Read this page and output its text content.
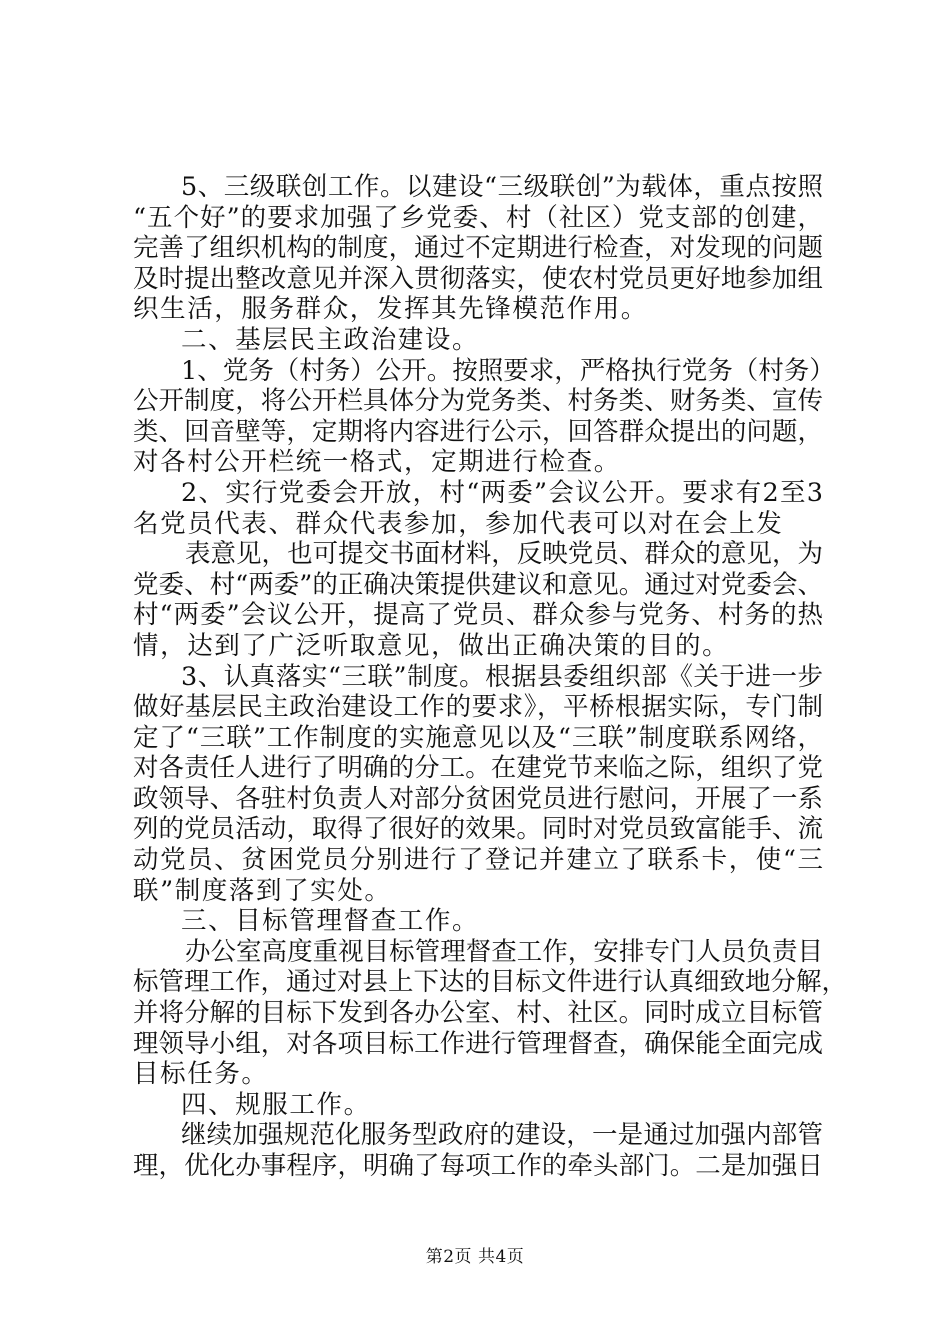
5、三级联创工作。以建设“三级联创”为载体，重点按照
“五个好”的要求加强了乡党委、村（社区）党支部的创建，
完善了组织机构的制度，通过不定期进行检查，对发现的问题
及时提出整改意见并深入贯彻落实，使农村党员更好地参加组
织生活，服务群众，发挥其先锋模范作用。
二、基层民主政治建设。
1、党务（村务）公开。按照要求，严格执行党务（村务）
公开制度，将公开栏具体分为党务类、村务类、财务类、宣传
类、回音壁等，定期将内容进行公示，回答群众提出的问题，
对各村公开栏统一格式，定期进行检查。
2、实行党委会开放，村“两委”会议公开。要求有2至3
名党员代表、群众代表参加，参加代表可以对在会上发
表意见，也可提交书面材料，反映党员、群众的意见，为
党委、村“两委”的正确决策提供建议和意见。通过对党委会、
村“两委”会议公开，提高了党员、群众参与党务、村务的热
情，达到了广泛听取意见，做出正确决策的目的。
3、认真落实“三联”制度。根据县委组织部《关于进一步
做好基层民主政治建设工作的要求》，平桥根据实际，专门制
定了“三联”工作制度的实施意见以及“三联”制度联系网络，
对各责任人进行了明确的分工。在建党节来临之际，组织了党
政领导、各驻村负责人对部分贫困党员进行慰问，开展了一系
列的党员活动，取得了很好的效果。同时对党员致富能手、流
动党员、贫困党员分别进行了登记并建立了联系卡，使“三
联”制度落到了实处。
三、目标管理督查工作。
办公室高度重视目标管理督查工作，安排专门人员负责目
标管理工作，通过对县上下达的目标文件进行认真细致地分解，
并将分解的目标下发到各办公室、村、社区。同时成立目标管
理领导小组，对各项目标工作进行管理督查，确保能全面完成
目标任务。
四、规服工作。
继续加强规范化服务型政府的建设，一是通过加强内部管
理，优化办事程序，明确了每项工作的牵头部门。二是加强日
第2页 共4页
